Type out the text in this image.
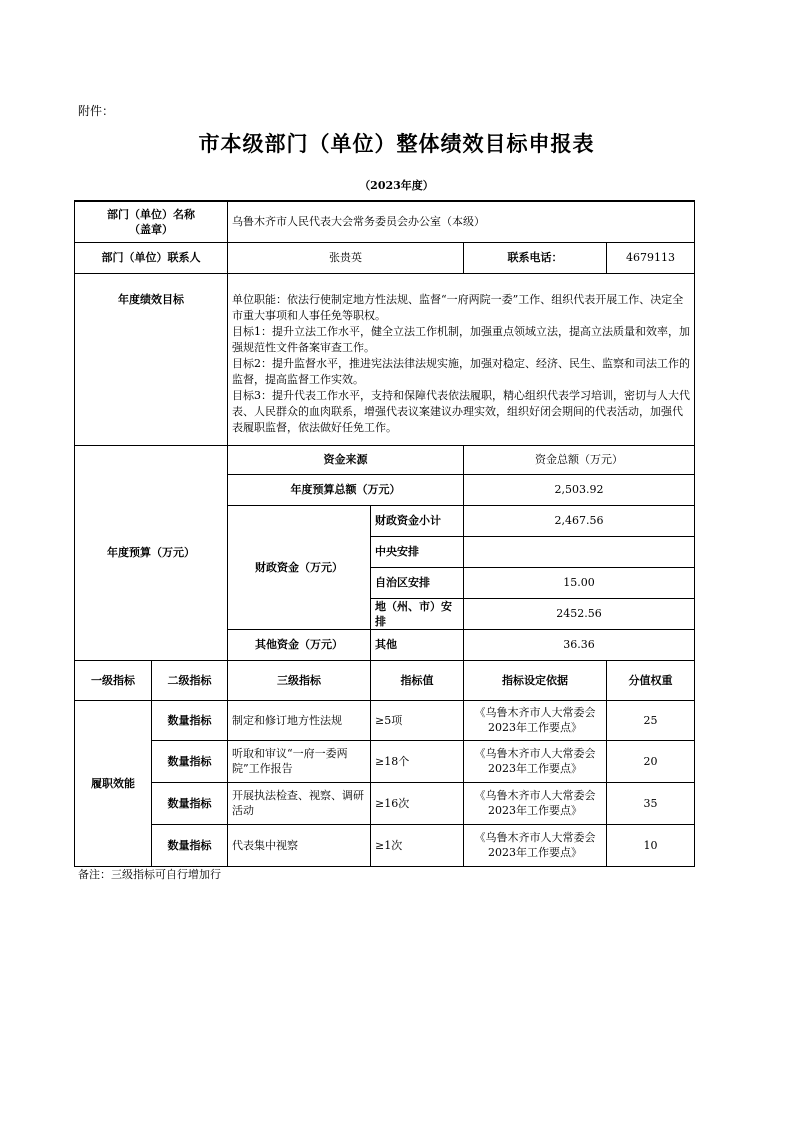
附件：
市本级部门（单位）整体绩效目标申报表
（2023年度）
部门（单位）名称
（盖章）		乌鲁木齐市人民代表大会常务委员会办公室（本级）			
部门（单位）联系人		张贵英		联系电话：	4679113
年度绩效目标		单位职能：依法行使制定地方性法规、监督“一府两院一委”工作、组织代表开展工作、决定全市重大事项和人事任免等职权。
目标1：提升立法工作水平，健全立法工作机制，加强重点领域立法，提高立法质量和效率，加强规范性文件备案审查工作。
目标2：提升监督水平，推进宪法法律法规实施，加强对稳定、经济、民生、监察和司法工作的监督，提高监督工作实效。
目标3：提升代表工作水平，支持和保障代表依法履职，精心组织代表学习培训，密切与人大代表、人民群众的血肉联系，增强代表议案建议办理实效，组织好闭会期间的代表活动，加强代表履职监督，依法做好任免工作。			

年度预算（万元）		资金来源		资金总额（万元）	
		年度预算总额（万元）		2,503.92	
		财政资金（万元）	财政资金小计	2,467.56	
			中央安排		
			自治区安排	15.00	
			地（州、市）安排	2452.56	
		其他资金（万元）	其他	36.36	
一级指标	二级指标	三级指标	指标值	指标设定依据	分值权重
履职效能	数量指标	制定和修订地方性法规	≥5项	《乌鲁木齐市人大常委会2023年工作要点》	25
	数量指标	听取和审议“一府一委两院”工作报告	≥18个	《乌鲁木齐市人大常委会2023年工作要点》	20
	数量指标	开展执法检查、视察、调研活动	≥16次	《乌鲁木齐市人大常委会2023年工作要点》	35
	数量指标	代表集中视察	≥1次	《乌鲁木齐市人大常委会2023年工作要点》	10
备注：三级指标可自行增加行
